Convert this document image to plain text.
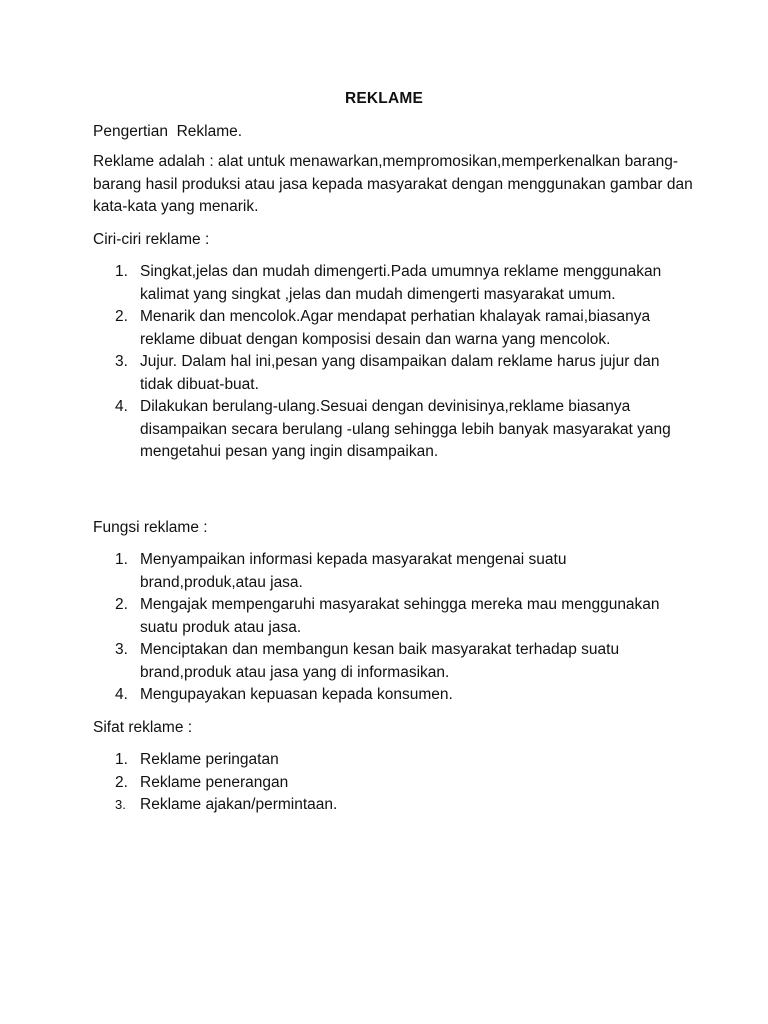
REKLAME

Pengertian  Reklame.

Reklame adalah : alat untuk menawarkan,mempromosikan,memperkenalkan barang-barang hasil produksi atau jasa kepada masyarakat dengan menggunakan gambar dan kata-kata yang menarik.

Ciri-ciri reklame :

1. Singkat,jelas dan mudah dimengerti.Pada umumnya reklame menggunakan kalimat yang singkat ,jelas dan mudah dimengerti masyarakat umum.
2. Menarik dan mencolok.Agar mendapat perhatian khalayak ramai,biasanya reklame dibuat dengan komposisi desain dan warna yang mencolok.
3. Jujur. Dalam hal ini,pesan yang disampaikan dalam reklame harus jujur dan tidak dibuat-buat.
4. Dilakukan berulang-ulang.Sesuai dengan devinisinya,reklame biasanya disampaikan secara berulang -ulang sehingga lebih banyak masyarakat yang mengetahui pesan yang ingin disampaikan.

Fungsi reklame :

1. Menyampaikan informasi kepada masyarakat mengenai suatu brand,produk,atau jasa.
2. Mengajak mempengaruhi masyarakat sehingga mereka mau menggunakan suatu produk atau jasa.
3. Menciptakan dan membangun kesan baik masyarakat terhadap suatu brand,produk atau jasa yang di informasikan.
4. Mengupayakan kepuasan kepada konsumen.

Sifat reklame :

1. Reklame peringatan
2. Reklame penerangan
3. Reklame ajakan/permintaan.
